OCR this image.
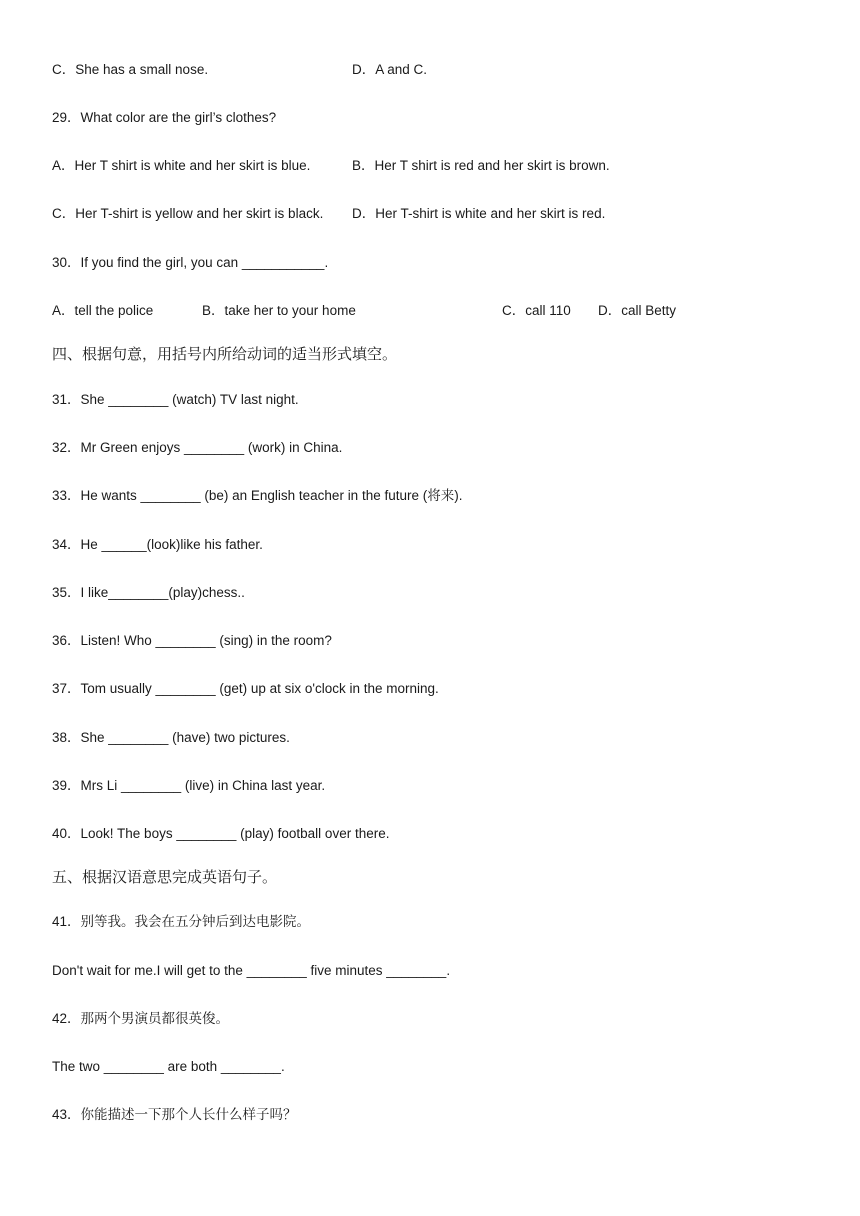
C．She has a small nose.	D．A and C.
29．What color are the girl’s clothes?
A．Her T shirt is white and her skirt is blue.	B．Her T shirt is red and her skirt is brown.
C．Her T-shirt is yellow and her skirt is black. D．Her T-shirt is white and her skirt is red.
30．If you find the girl, you can ___________.
A．tell the police	B．take her to your home	C．call 110 D．call Betty
四、根据句意，用括号内所给动词的适当形式填空。
31．She ________ (watch) TV last night.
32．Mr Green enjoys ________ (work) in China.
33．He wants ________ (be) an English teacher in the future (将来).
34．He ______(look)like his father.
35．I like________(play)chess..
36．Listen! Who ________ (sing) in the room?
37．Tom usually ________ (get) up at six o'clock in the morning.
38．She ________ (have) two pictures.
39．Mrs Li ________ (live) in China last year.
40．Look! The boys ________ (play) football over there.
五、根据汉语意思完成英语句子。
41．别等我。我会在五分钟后到达电影院。
Don't wait for me.I will get to the ________ five minutes ________.
42．那两个男演员都很英俊。
The two ________ are both ________.
43．你能描述一下那个人长什么样子吗？
